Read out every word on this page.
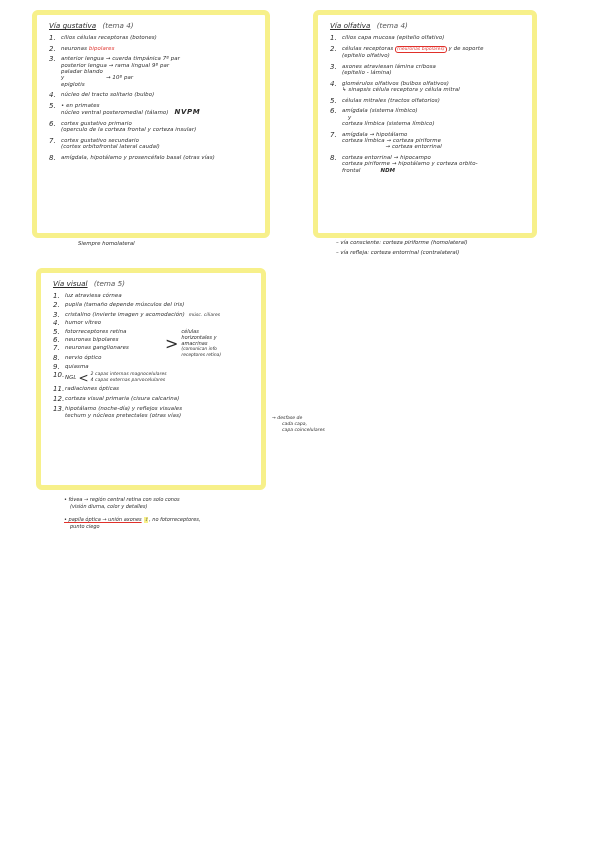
Vía gustativa (tema 4)
1. cilios células receptoras (botones)
2. neuronas bipolares
3. anterior lengua → cuerda timpánica 7º par
posterior lengua → rama lingual 9º par
paladar blando
y                       → 10º par
epiglotis
4. núcleo del tracto solitario (bulbo)
5. • en primates
núcleo ventral posteromedial (tálamo) NVPM
6. cortex gustativo primario
(operculo de la corteza frontal y corteza insular)
7. cortex gustativo secundario
(cortex orbitofrontal lateral caudal)
8. amígdala, hipotálamo y prosencéfalo basal (otras vías)
Siempre homolateral
Vía olfativa (tema 4)
1. cilios capa mucosa (epitelio olfativo)
2. células receptoras (neuronas bipolares) y de soporte
(epitelio olfativo)
3. axones atraviesan lámina cribosa
(epitelio - lámina)
4. glomérulos olfativos (bulbos olfativos)
↳ sinapsis célula receptora y célula mitral
5. células mitrales (tractos olfatorios)
6. amígdala (sistema límbico)
y
corteza límbica (sistema límbico)
7. amígdala → hipotálamo
corteza límbica → corteza piriforme
→ corteza entorrinal
8. corteza entorrinal → hipocampo
corteza piriforme → hipotálamo y corteza orbito-
frontal	NDM
– vía consciente: corteza piriforme (homolateral)
– vía refleja: corteza entorrinal (contralateral)
Vía visual (tema 5)
1. luz atraviesa córnea
2. pupila (tamaño depende músculos del iris)
3. cristalino (invierte imagen y acomodación) músc. ciliares
4. humor vítreo
5. fotorreceptores retina
6. neuronas bipolares
7. neuronas ganglionares	>
células
horizontales y
amacrinas
(comunican info
receptores retina)
8. nervio óptico
9. quiasma
10. NGL < 2 capas internas magnocelulares
4 capas externas parvocelulares
11. radiaciones ópticas
12. corteza visual primaria (cisura calcarina)
13. hipotálamo (noche-día) y reflejos visuales
techum y núcleos pretectales (otras vías)	→ desfase de
cada capa,
capa coincelulares
• fóvea → región central retina con solo conos
(visión diurna, color y detalles)
• papila óptica → unión axones ⟟ , no fotorreceptores,
punto ciego
